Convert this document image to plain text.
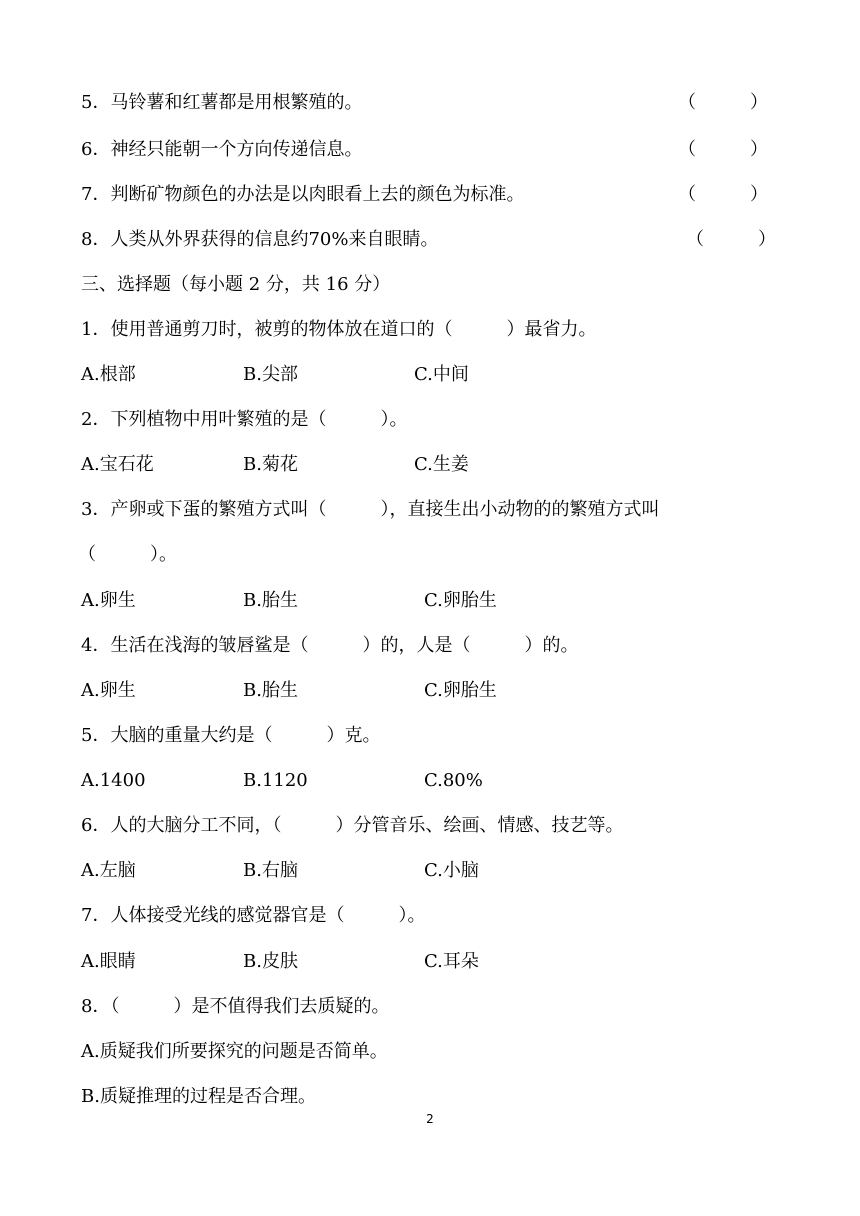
5．马铃薯和红薯都是用根繁殖的。	（　　　）
6．神经只能朝一个方向传递信息。	（　　　）
7．判断矿物颜色的办法是以肉眼看上去的颜色为标准。	（　　　）
8．人类从外界获得的信息约70%来自眼睛。	（　　　）
三、选择题（每小题 2 分，共 16 分）
1．使用普通剪刀时，被剪的物体放在道口的（　　　）最省力。
A.根部	B.尖部	C.中间
2．下列植物中用叶繁殖的是（　　　）。
A.宝石花	B.菊花	C.生姜
3．产卵或下蛋的繁殖方式叫（　　　），直接生出小动物的的繁殖方式叫
（　　　）。
A.卵生	B.胎生	C.卵胎生
4．生活在浅海的皱唇鲨是（　　　）的，人是（　　　）的。
A.卵生	B.胎生	C.卵胎生
5．大脑的重量大约是（　　　）克。
A.1400	B.1120	C.80%
6．人的大脑分工不同，（　　　）分管音乐、绘画、情感、技艺等。
A.左脑	B.右脑	C.小脑
7．人体接受光线的感觉器官是（　　　）。
A.眼睛	B.皮肤	C.耳朵
8．（　　　）是不值得我们去质疑的。
A.质疑我们所要探究的问题是否简单。
B.质疑推理的过程是否合理。
2
